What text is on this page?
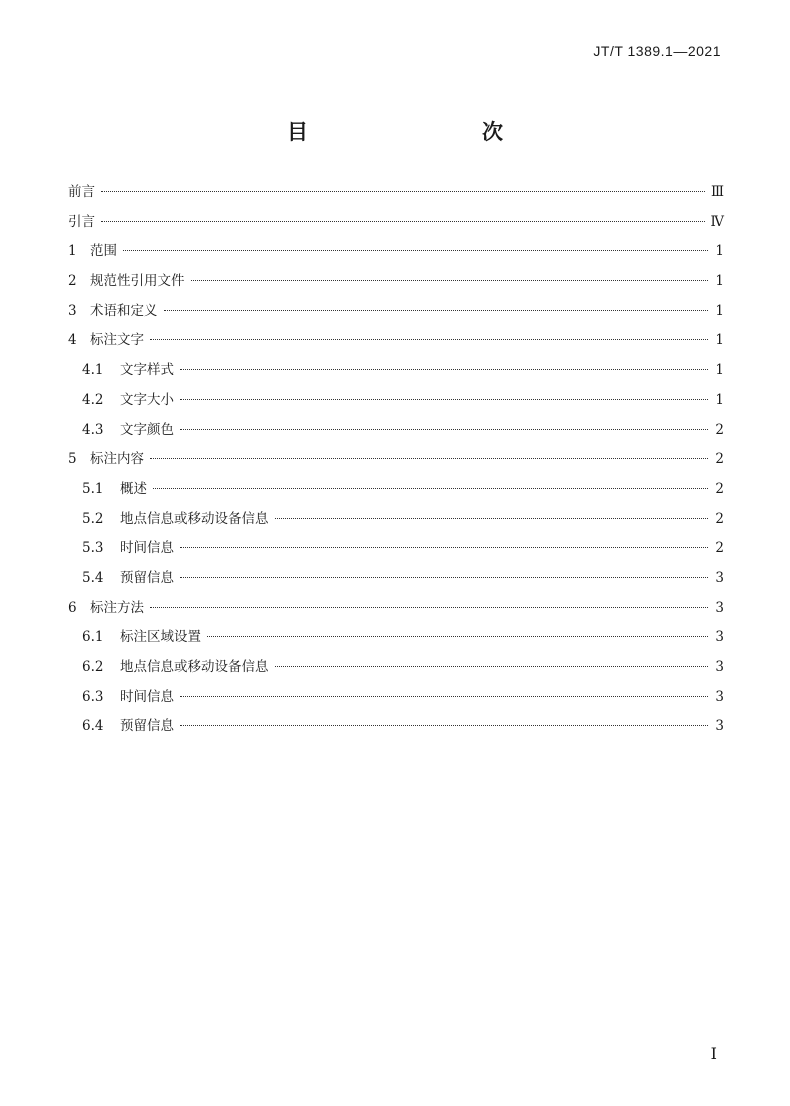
JT/T 1389.1—2021
目　　次
前言	Ⅲ
引言	Ⅳ
1 范围	1
2 规范性引用文件	1
3 术语和定义	1
4 标注文字	1
4.1	文字样式	1
4.2	文字大小	1
4.3	文字颜色	2
5 标注内容	2
5.1	概述	2
5.2	地点信息或移动设备信息	2
5.3	时间信息	2
5.4	预留信息	3
6 标注方法	3
6.1	标注区域设置	3
6.2	地点信息或移动设备信息	3
6.3	时间信息	3
6.4	预留信息	3
I
